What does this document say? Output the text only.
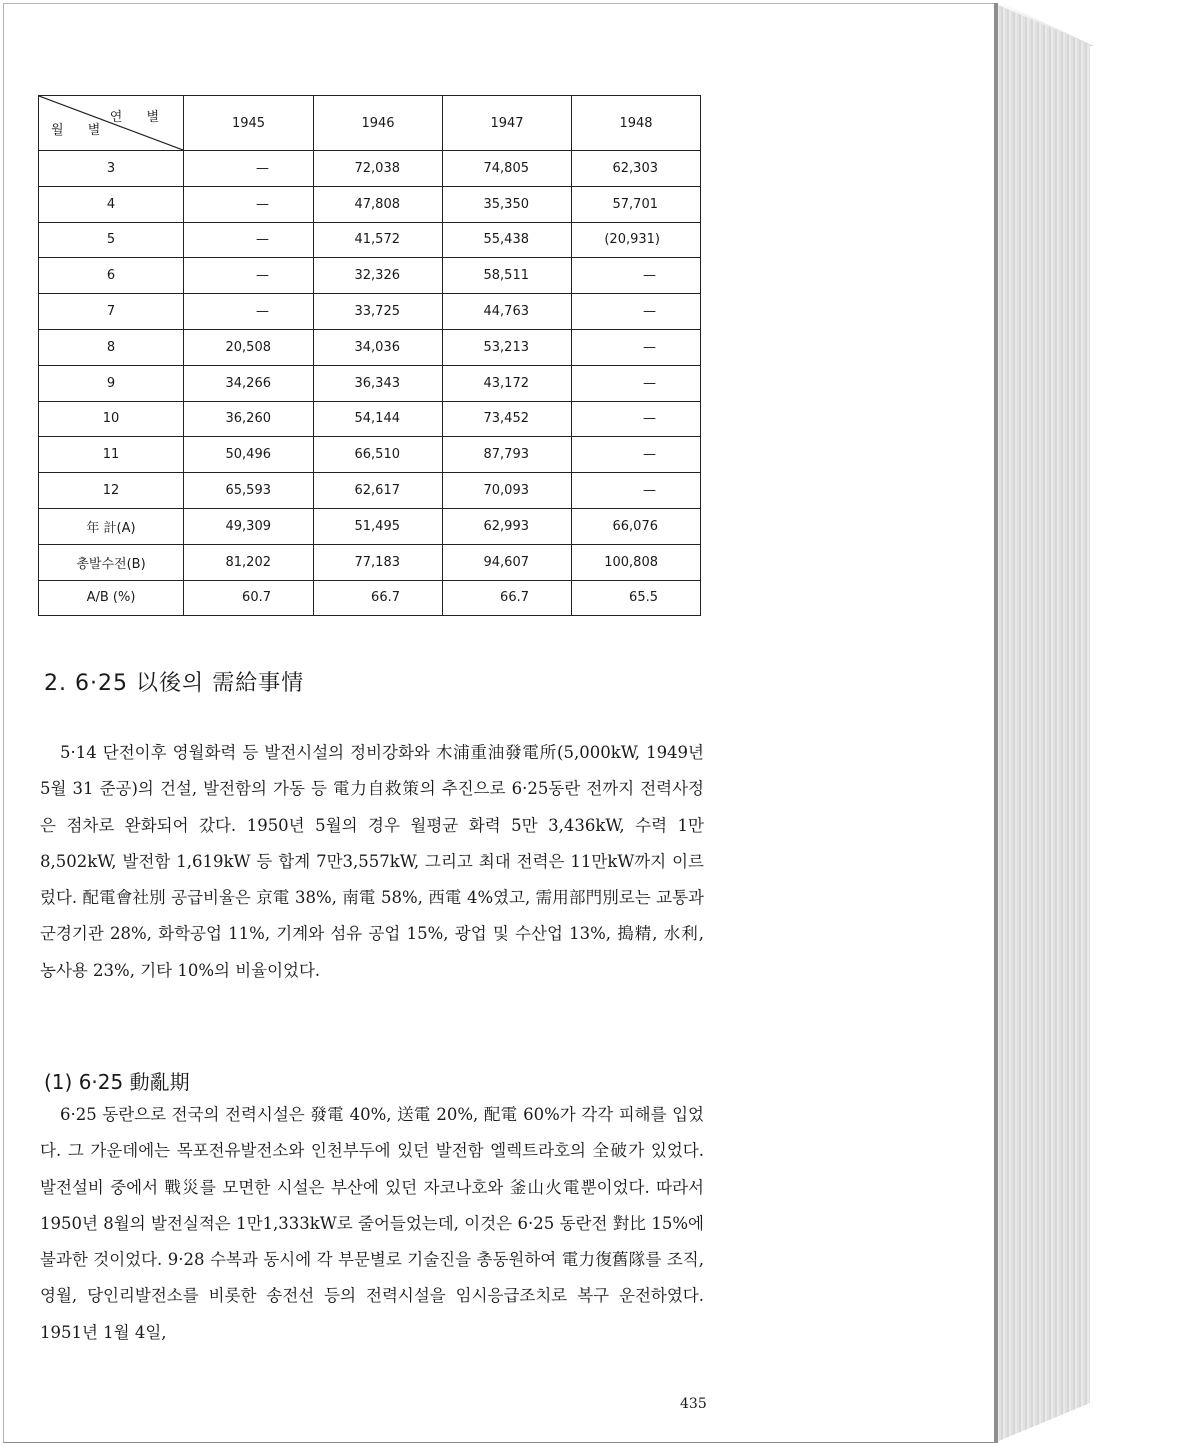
연 별
월 별	1945	1946	1947	1948
3	—	72,038	74,805	62,303
4	—	47,808	35,350	57,701
5	—	41,572	55,438	(20,931)
6	—	32,326	58,511	—
7	—	33,725	44,763	—
8	20,508	34,036	53,213	—
9	34,266	36,343	43,172	—
10	36,260	54,144	73,452	—
11	50,496	66,510	87,793	—
12	65,593	62,617	70,093	—
年 計(A)	49,309	51,495	62,993	66,076
총발수전(B)	81,202	77,183	94,607	100,808
A/B (%)	60.7	66.7	66.7	65.5
2. 6·25 以後의 需給事情

5·14 단전이후 영월화력 등 발전시설의 정비강화와 木浦重油發電所(5,000kW, 1949년 5월 31 준공)의 건설, 발전함의 가동 등 電力自救策의 추진으로 6·25동란 전까지 전력사정은 점차로 완화되어 갔다. 1950년 5월의 경우 월평균 화력 5만 3,436kW, 수력 1만8,502kW, 발전함 1,619kW 등 합계 7만3,557kW, 그리고 최대 전력은 11만kW까지 이르렀다. 配電會社別 공급비율은 京電 38%, 南電 58%, 西電 4%였고, 需用部門別로는 교통과 군경기관 28%, 화학공업 11%, 기계와 섬유 공업 15%, 광업 및 수산업 13%, 搗精, 水利, 농사용 23%, 기타 10%의 비율이었다.

(1) 6·25 動亂期

6·25 동란으로 전국의 전력시설은 發電 40%, 送電 20%, 配電 60%가 각각 피해를 입었다. 그 가운데에는 목포전유발전소와 인천부두에 있던 발전함 엘렉트라호의 全破가 있었다. 발전설비 중에서 戰災를 모면한 시설은 부산에 있던 자코나호와 釜山火電뿐이었다. 따라서 1950년 8월의 발전실적은 1만1,333kW로 줄어들었는데, 이것은 6·25 동란전 對比 15%에 불과한 것이었다. 9·28 수복과 동시에 각 부문별로 기술진을 총동원하여 電力復舊隊를 조직, 영월, 당인리발전소를 비롯한 송전선 등의 전력시설을 임시응급조치로 복구 운전하였다. 1951년 1월 4일,

435
